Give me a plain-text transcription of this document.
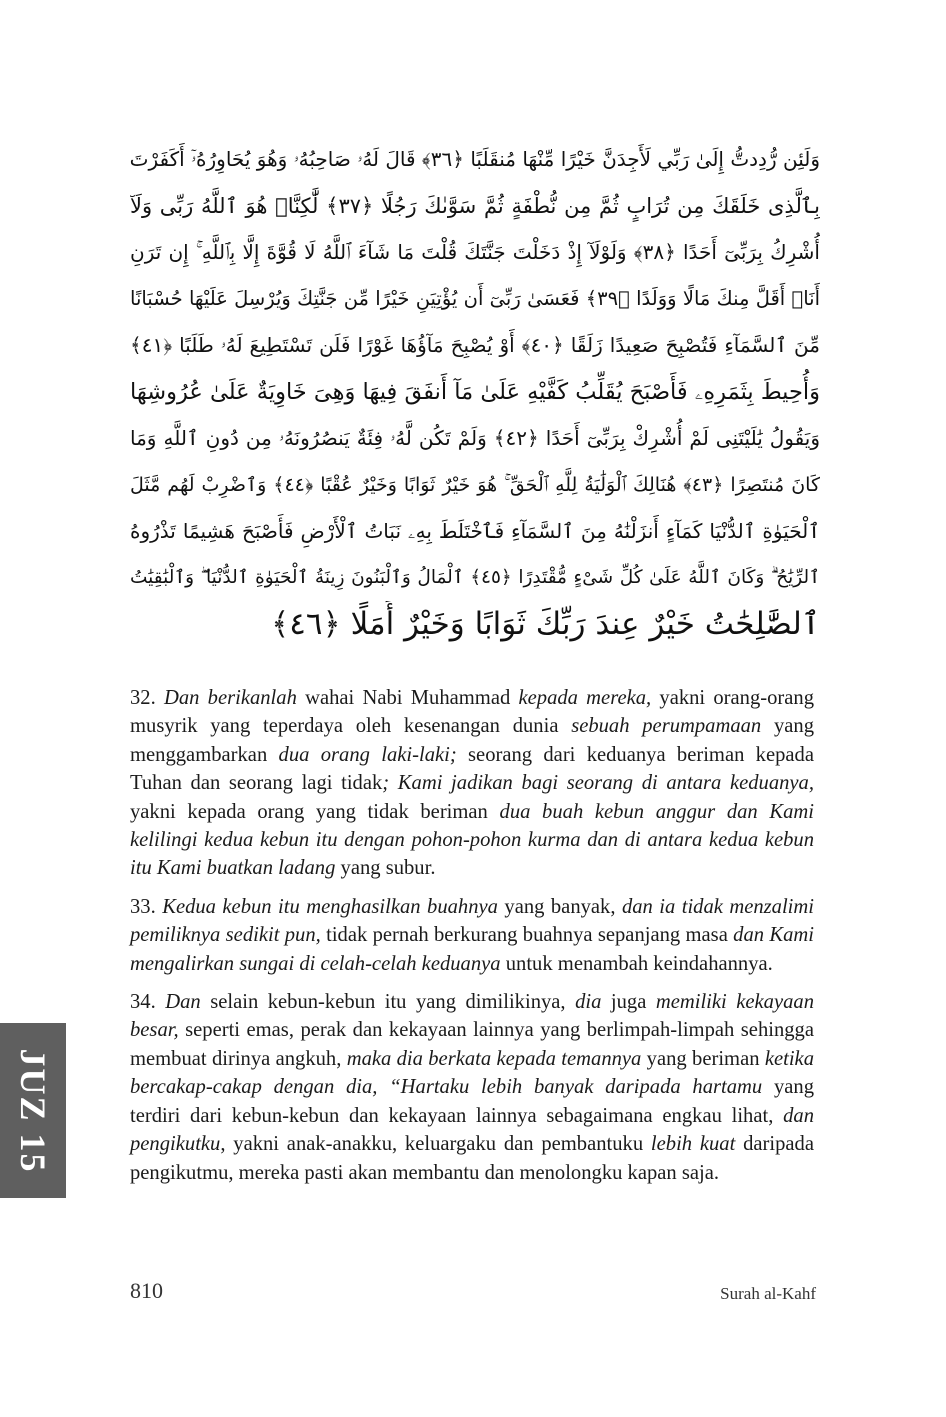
وَلَئِن رُّدِدتُّ إِلَىٰ رَبِّي لَأَجِدَنَّ خَيْرًا مِّنْهَا مُنقَلَبًا ﴿٣٦﴾ قَالَ لَهُۥ صَاحِبُهُۥ وَهُوَ يُحَاوِرُهُۥٓ أَكَفَرْتَ
بِٱلَّذِى خَلَقَكَ مِن تُرَابٍ ثُمَّ مِن نُّطْفَةٍ ثُمَّ سَوَّىٰكَ رَجُلًا ﴿٣٧﴾ لَّٰكِنَّا۠ هُوَ ٱللَّهُ رَبِّى وَلَآ
أُشْرِكُ بِرَبِّىٓ أَحَدًا ﴿٣٨﴾ وَلَوْلَآ إِذْ دَخَلْتَ جَنَّتَكَ قُلْتَ مَا شَآءَ ٱللَّهُ لَا قُوَّةَ إِلَّا بِٱللَّهِ ۚ إِن تَرَنِ
أَنَا۠ أَقَلَّ مِنكَ مَالًا وَوَلَدًا ﴿٣٩﴾ فَعَسَىٰ رَبِّىٓ أَن يُؤْتِيَنِ خَيْرًا مِّن جَنَّتِكَ وَيُرْسِلَ عَلَيْهَا حُسْبَانًا
مِّنَ ٱلسَّمَآءِ فَتُصْبِحَ صَعِيدًا زَلَقًا ﴿٤٠﴾ أَوْ يُصْبِحَ مَآؤُهَا غَوْرًا فَلَن تَسْتَطِيعَ لَهُۥ طَلَبًا ﴿٤١﴾
وَأُحِيطَ بِثَمَرِهِۦ فَأَصْبَحَ يُقَلِّبُ كَفَّيْهِ عَلَىٰ مَآ أَنفَقَ فِيهَا وَهِىَ خَاوِيَةٌ عَلَىٰ عُرُوشِهَا
وَيَقُولُ يَٰلَيْتَنِى لَمْ أُشْرِكْ بِرَبِّىٓ أَحَدًا ﴿٤٢﴾ وَلَمْ تَكُن لَّهُۥ فِئَةٌ يَنصُرُونَهُۥ مِن دُونِ ٱللَّهِ وَمَا
كَانَ مُنتَصِرًا ﴿٤٣﴾ هُنَالِكَ ٱلْوَلَٰيَةُ لِلَّهِ ٱلْحَقِّ ۚ هُوَ خَيْرٌ ثَوَابًا وَخَيْرٌ عُقْبًا ﴿٤٤﴾ وَٱضْرِبْ لَهُم مَّثَلَ
ٱلْحَيَوٰةِ ٱلدُّنْيَا كَمَآءٍ أَنزَلْنَٰهُ مِنَ ٱلسَّمَآءِ فَٱخْتَلَطَ بِهِۦ نَبَاتُ ٱلْأَرْضِ فَأَصْبَحَ هَشِيمًا تَذْرُوهُ
ٱلرِّيَٰحُ ۗ وَكَانَ ٱللَّهُ عَلَىٰ كُلِّ شَىْءٍ مُّقْتَدِرًا ﴿٤٥﴾ ٱلْمَالُ وَٱلْبَنُونَ زِينَةُ ٱلْحَيَوٰةِ ٱلدُّنْيَا ۖ وَٱلْبَٰقِيَٰتُ
ٱلصَّٰلِحَٰتُ خَيْرٌ عِندَ رَبِّكَ ثَوَابًا وَخَيْرٌ أَمَلًا ﴿٤٦﴾

32. Dan berikanlah wahai Nabi Muhammad kepada mereka, yakni orang-orang musyrik yang teperdaya oleh kesenangan dunia sebuah perumpamaan yang menggambarkan dua orang laki-laki; seorang dari keduanya beriman kepada Tuhan dan seorang lagi tidak; Kami jadikan bagi seorang di antara keduanya, yakni kepada orang yang tidak beriman dua buah kebun anggur dan Kami kelilingi kedua kebun itu dengan pohon-pohon kurma dan di antara kedua kebun itu Kami buatkan ladang yang subur.

33. Kedua kebun itu menghasilkan buahnya yang banyak, dan ia tidak menzalimi pemiliknya sedikit pun, tidak pernah berkurang buahnya sepanjang masa dan Kami mengalirkan sungai di celah-celah keduanya untuk menambah keindahannya.

34. Dan selain kebun-kebun itu yang dimilikinya, dia juga memiliki kekayaan besar, seperti emas, perak dan kekayaan lainnya yang berlimpah-limpah sehingga membuat dirinya angkuh, maka dia berkata kepada temannya yang beriman ketika bercakap-cakap dengan dia, “Hartaku lebih banyak daripada hartamu yang terdiri dari kebun-kebun dan kekayaan lainnya sebagaimana engkau lihat, dan pengikutku, yakni anak-anakku, keluargaku dan pembantuku lebih kuat daripada pengikutmu, mereka pasti akan membantu dan menolongku kapan saja.

JUZ 15
810	Surah al-Kahf
